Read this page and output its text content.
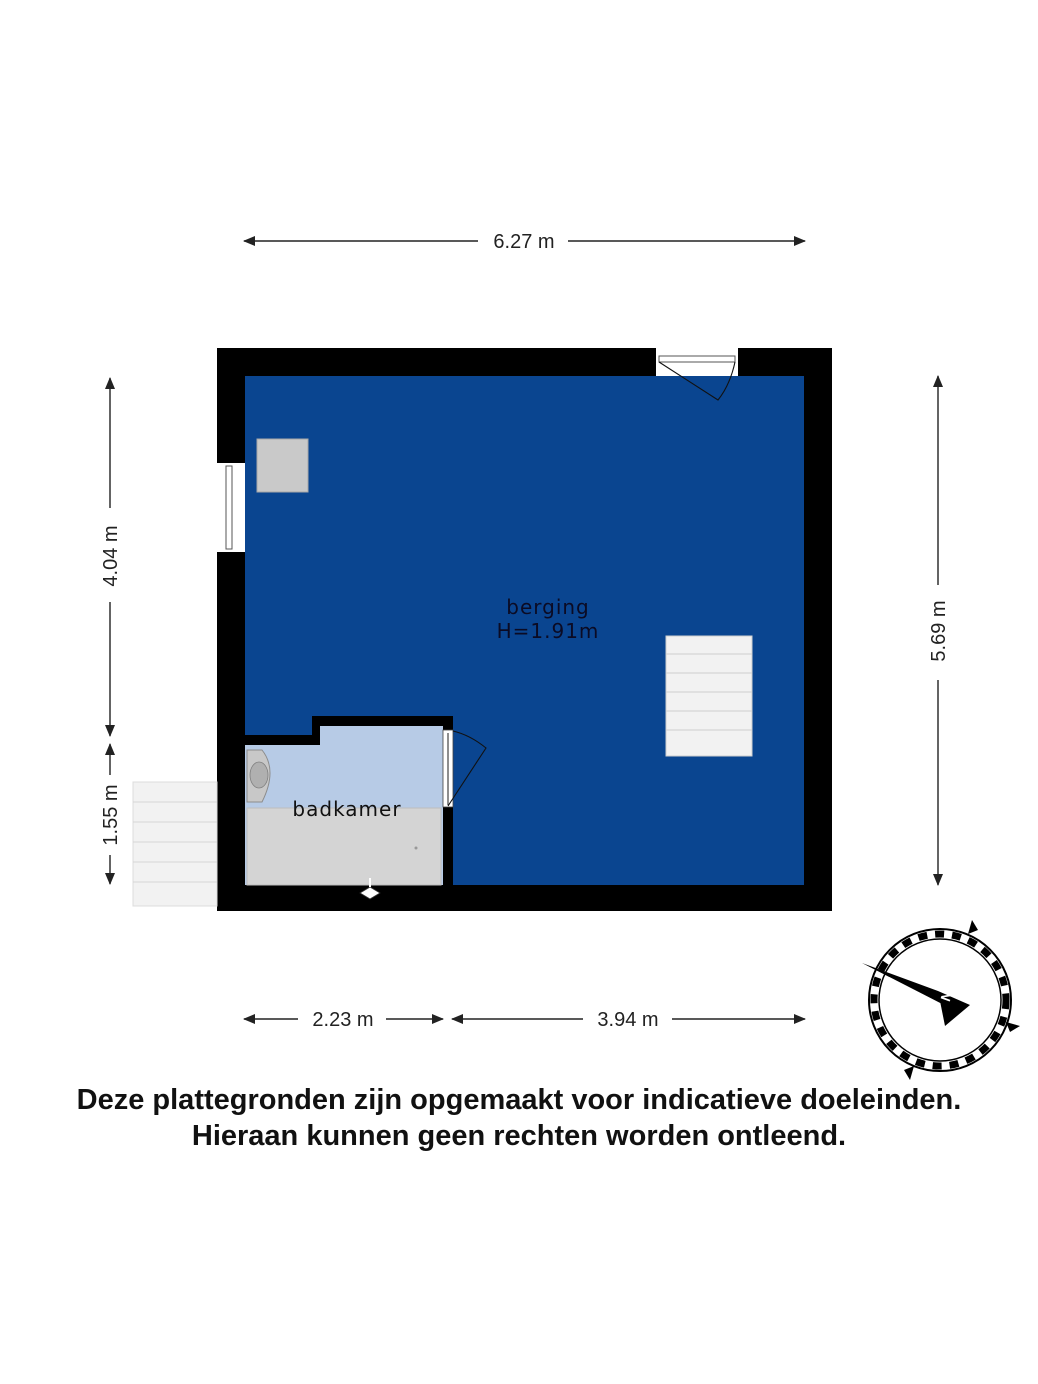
6.27 m
4.04 m
1.55 m
5.69 m
2.23 m	3.94 m
berging
H=1.91m
badkamer
N
Deze plattegronden zijn opgemaakt voor indicatieve doeleinden.
Hieraan kunnen geen rechten worden ontleend.
